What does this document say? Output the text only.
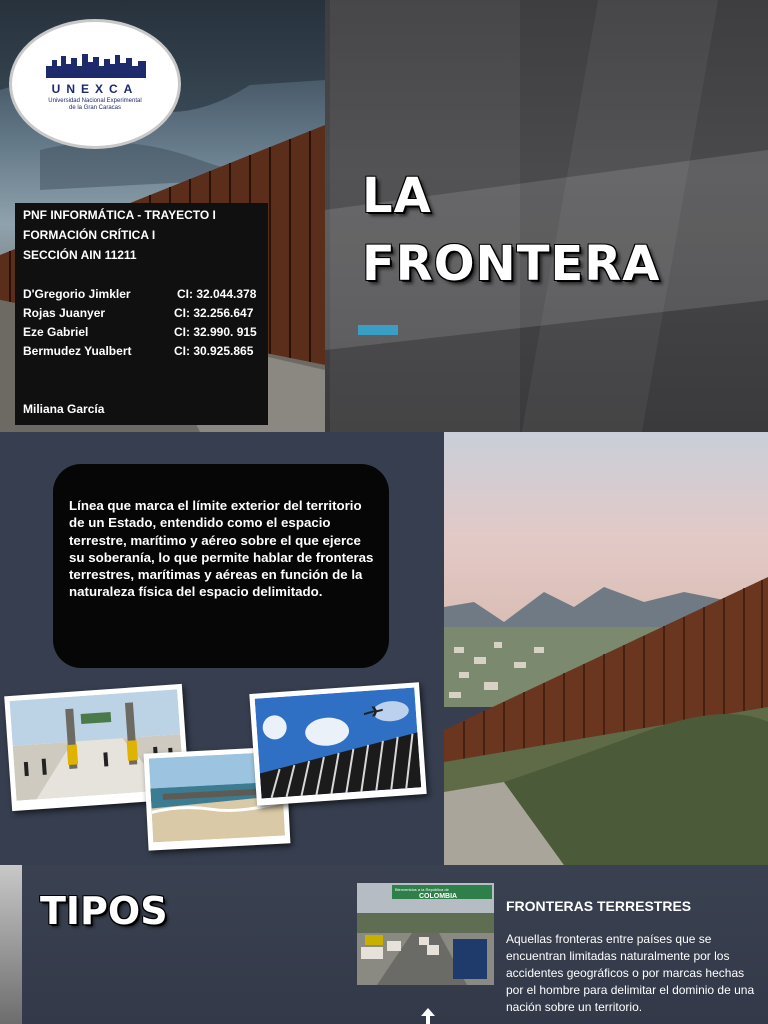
UNEXCA
Universidad Nacional Experimental
de la Gran Caracas
PNF INFORMÁTICA - TRAYECTO I
FORMACIÓN CRÍTICA I
SECCIÓN AIN 11211
D'Gregorio Jimkler	CI: 32.044.378
Rojas Juanyer	CI: 32.256.647
Eze Gabriel	CI: 32.990. 915
Bermudez Yualbert	CI: 30.925.865
Miliana García
LA
FRONTERA
Línea que marca el límite exterior del territorio de un Estado, entendido como el espacio terrestre, marítimo y aéreo sobre el que ejerce su soberanía, lo que permite hablar de fronteras terrestres, marítimas y aéreas en función de la naturaleza física del espacio delimitado.
TIPOS	Bienvenidos a la República de
COLOMBIA
FRONTERAS TERRESTRES
Aquellas fronteras entre países que se encuentran limitadas naturalmente por los accidentes geográficos o por marcas hechas por el hombre para delimitar el dominio de una nación sobre un territorio.
